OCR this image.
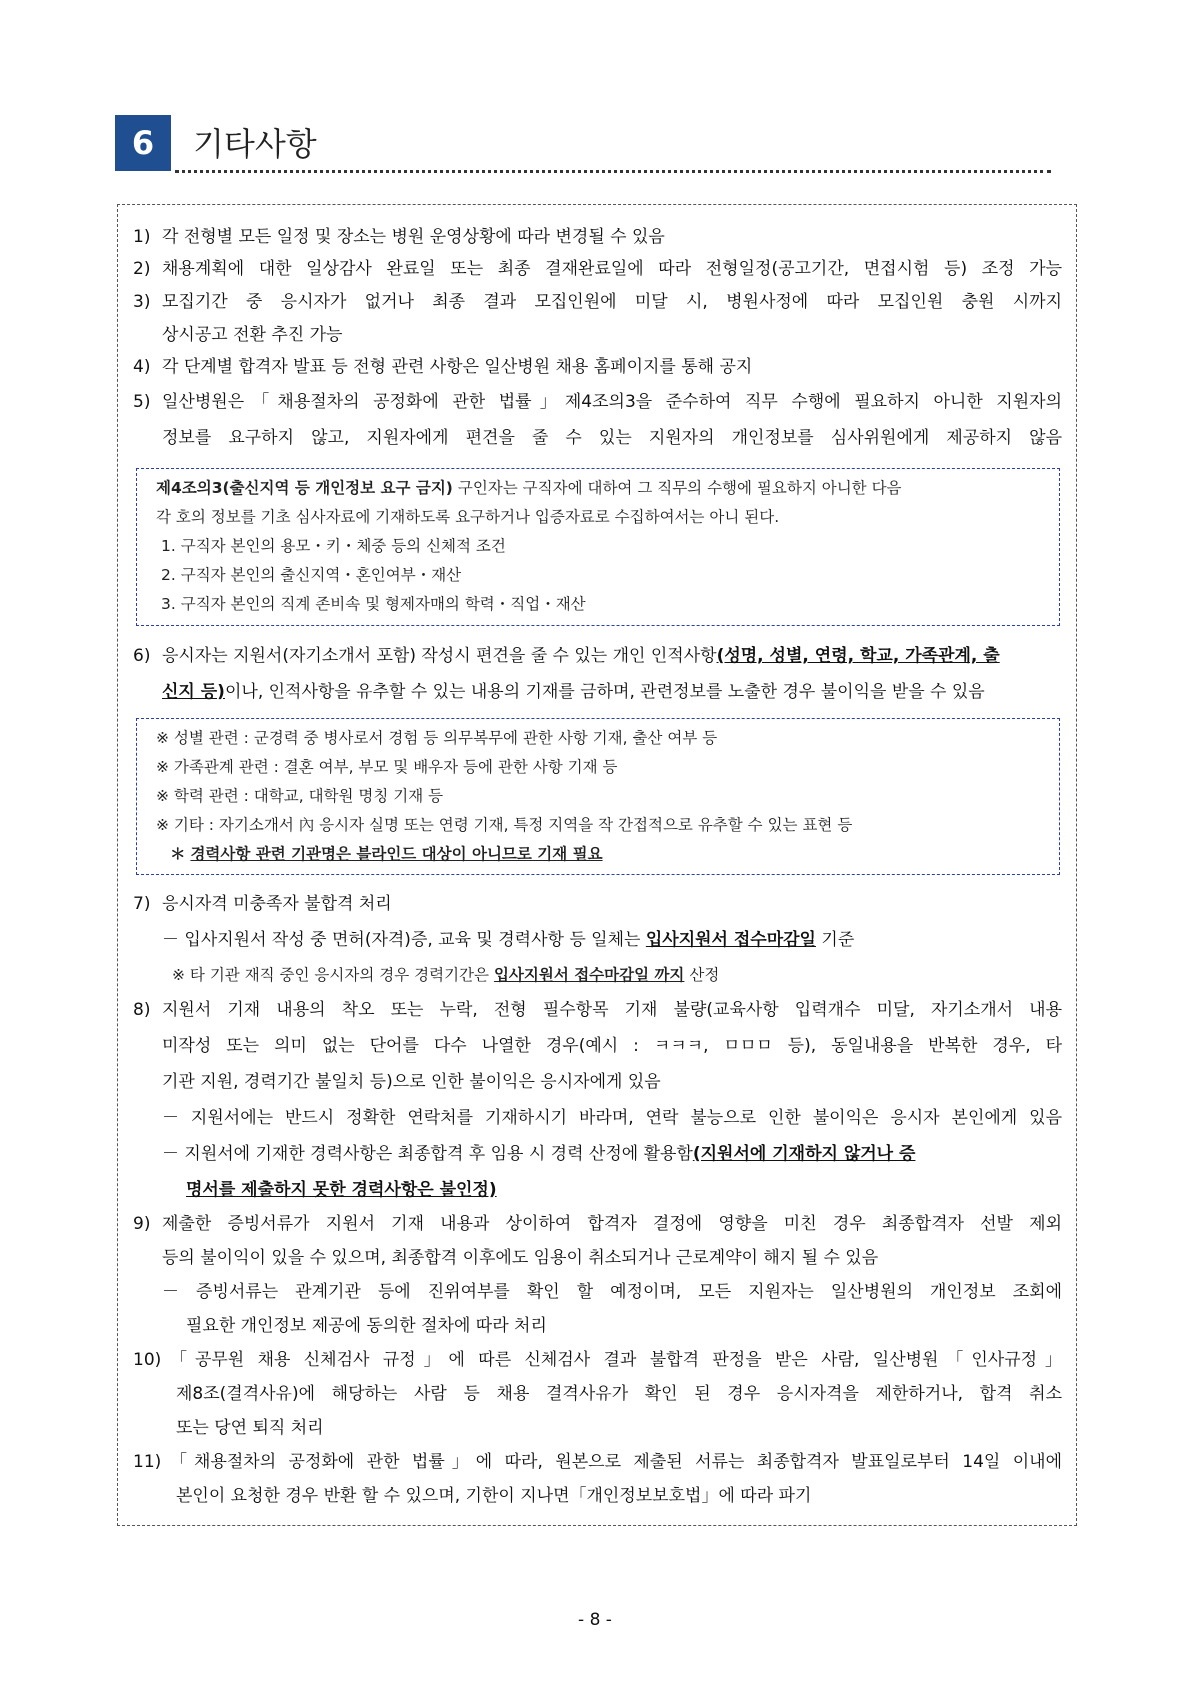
6	기타사항
1) 각 전형별 모든 일정 및 장소는 병원 운영상황에 따라 변경될 수 있음
2) 채용계획에 대한 일상감사 완료일 또는 최종 결재완료일에 따라 전형일정(공고기간, 면접시험 등) 조정 가능
3) 모집기간 중 응시자가 없거나 최종 결과 모집인원에 미달 시, 병원사정에 따라 모집인원 충원 시까지
상시공고 전환 추진 가능
4) 각 단계별 합격자 발표 등 전형 관련 사항은 일산병원 채용 홈페이지를 통해 공지
5) 일산병원은「채용절차의 공정화에 관한 법률」제4조의3을 준수하여 직무 수행에 필요하지 아니한 지원자의
정보를 요구하지 않고, 지원자에게 편견을 줄 수 있는 지원자의 개인정보를 심사위원에게 제공하지 않음
제4조의3(출신지역 등 개인정보 요구 금지) 구인자는 구직자에 대하여 그 직무의 수행에 필요하지 아니한 다음
각 호의 정보를 기초 심사자료에 기재하도록 요구하거나 입증자료로 수집하여서는 아니 된다.
1. 구직자 본인의 용모・키・체중 등의 신체적 조건
2. 구직자 본인의 출신지역・혼인여부・재산
3. 구직자 본인의 직계 존비속 및 형제자매의 학력・직업・재산
6) 응시자는 지원서(자기소개서 포함) 작성시 편견을 줄 수 있는 개인 인적사항(성명, 성별, 연령, 학교, 가족관계, 출
신지 등)이나, 인적사항을 유추할 수 있는 내용의 기재를 금하며, 관련정보를 노출한 경우 불이익을 받을 수 있음
※ 성별 관련 : 군경력 중 병사로서 경험 등 의무복무에 관한 사항 기재, 출산 여부 등
※ 가족관계 관련 : 결혼 여부, 부모 및 배우자 등에 관한 사항 기재 등
※ 학력 관련 : 대학교, 대학원 명칭 기재 등
※ 기타 : 자기소개서 內 응시자 실명 또는 연령 기재, 특정 지역을 작 간접적으로 유추할 수 있는 표현 등
＊ 경력사항 관련 기관명은 블라인드 대상이 아니므로 기재 필요
7) 응시자격 미충족자 불합격 처리
－ 입사지원서 작성 중 면허(자격)증, 교육 및 경력사항 등 일체는 입사지원서 접수마감일 기준
※ 타 기관 재직 중인 응시자의 경우 경력기간은 입사지원서 접수마감일 까지 산정
8) 지원서 기재 내용의 착오 또는 누락, 전형 필수항목 기재 불량(교육사항 입력개수 미달, 자기소개서 내용
미작성 또는 의미 없는 단어를 다수 나열한 경우(예시 : ㅋㅋㅋ, ㅁㅁㅁ 등), 동일내용을 반복한 경우, 타
기관 지원, 경력기간 불일치 등)으로 인한 불이익은 응시자에게 있음
－ 지원서에는 반드시 정확한 연락처를 기재하시기 바라며, 연락 불능으로 인한 불이익은 응시자 본인에게 있음
－ 지원서에 기재한 경력사항은 최종합격 후 임용 시 경력 산정에 활용함(지원서에 기재하지 않거나 증
명서를 제출하지 못한 경력사항은 불인정)
9) 제출한 증빙서류가 지원서 기재 내용과 상이하여 합격자 결정에 영향을 미친 경우 최종합격자 선발 제외
등의 불이익이 있을 수 있으며, 최종합격 이후에도 임용이 취소되거나 근로계약이 해지 될 수 있음
－ 증빙서류는 관계기관 등에 진위여부를 확인 할 예정이며, 모든 지원자는 일산병원의 개인정보 조회에
필요한 개인정보 제공에 동의한 절차에 따라 처리
10) 「공무원 채용 신체검사 규정」에 따른 신체검사 결과 불합격 판정을 받은 사람, 일산병원「인사규정」
제8조(결격사유)에 해당하는 사람 등 채용 결격사유가 확인 된 경우 응시자격을 제한하거나, 합격 취소
또는 당연 퇴직 처리
11) 「채용절차의 공정화에 관한 법률」에 따라, 원본으로 제출된 서류는 최종합격자 발표일로부터 14일 이내에
본인이 요청한 경우 반환 할 수 있으며, 기한이 지나면「개인정보보호법」에 따라 파기
- 8 -
